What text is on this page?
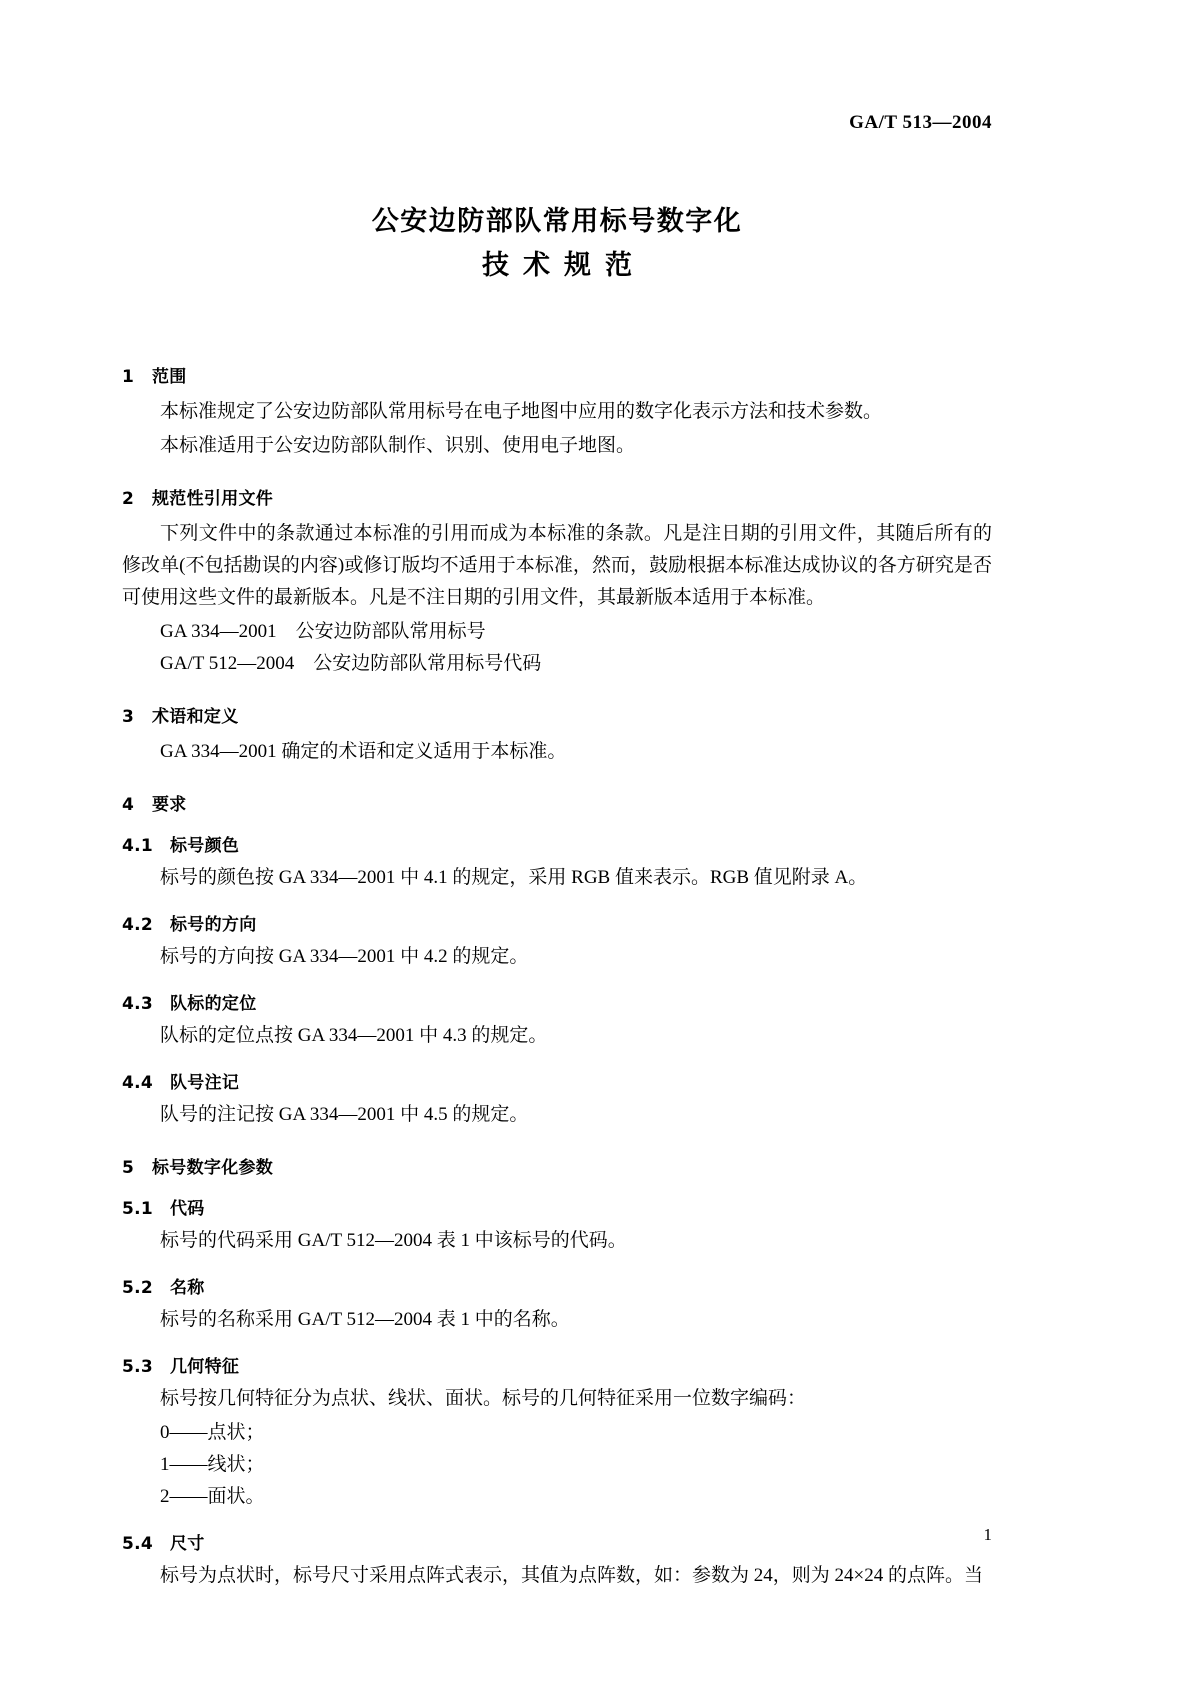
GA/T 513—2004
公安边防部队常用标号数字化
技术规范
1 范围

本标准规定了公安边防部队常用标号在电子地图中应用的数字化表示方法和技术参数。

本标准适用于公安边防部队制作、识别、使用电子地图。

2 规范性引用文件

下列文件中的条款通过本标准的引用而成为本标准的条款。凡是注日期的引用文件，其随后所有的修改单(不包括勘误的内容)或修订版均不适用于本标准，然而，鼓励根据本标准达成协议的各方研究是否可使用这些文件的最新版本。凡是不注日期的引用文件，其最新版本适用于本标准。

GA 334—2001　公安边防部队常用标号

GA/T 512—2004　公安边防部队常用标号代码

3 术语和定义

GA 334—2001 确定的术语和定义适用于本标准。

4 要求
4.1 标号颜色

标号的颜色按 GA 334—2001 中 4.1 的规定，采用 RGB 值来表示。RGB 值见附录 A。

4.2 标号的方向

标号的方向按 GA 334—2001 中 4.2 的规定。

4.3 队标的定位

队标的定位点按 GA 334—2001 中 4.3 的规定。

4.4 队号注记

队号的注记按 GA 334—2001 中 4.5 的规定。

5 标号数字化参数
5.1 代码

标号的代码采用 GA/T 512—2004 表 1 中该标号的代码。

5.2 名称

标号的名称采用 GA/T 512—2004 表 1 中的名称。

5.3 几何特征

标号按几何特征分为点状、线状、面状。标号的几何特征采用一位数字编码：

0——点状；

1——线状；

2——面状。

5.4 尺寸

标号为点状时，标号尺寸采用点阵式表示，其值为点阵数，如：参数为 24，则为 24×24 的点阵。当

1
